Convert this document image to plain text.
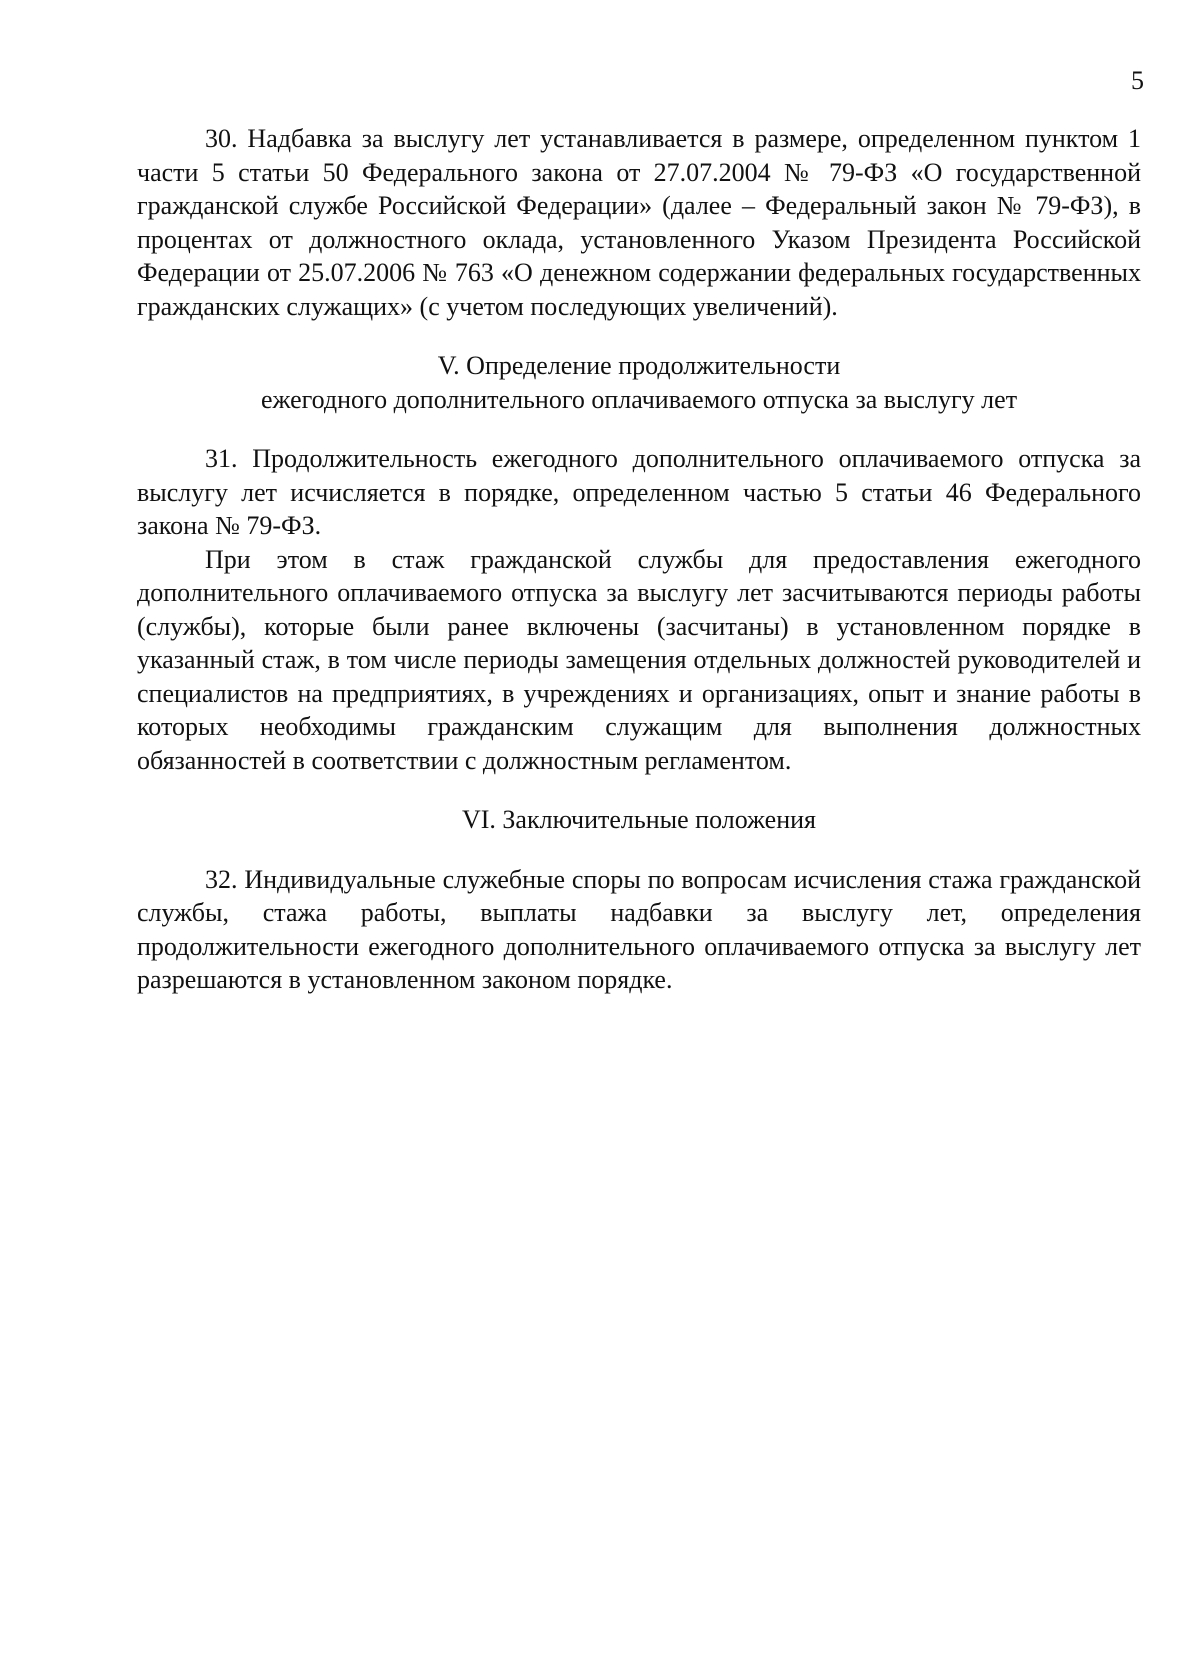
5

30. Надбавка за выслугу лет устанавливается в размере, определенном пунктом 1 части 5 статьи 50 Федерального закона от 27.07.2004 № 79-ФЗ «О государственной гражданской службе Российской Федерации» (далее – Федеральный закон № 79-ФЗ), в процентах от должностного оклада, установленного Указом Президента Российской Федерации от 25.07.2006 № 763 «О денежном содержании федеральных государственных гражданских служащих» (с учетом последующих увеличений).

V. Определение продолжительности

ежегодного дополнительного оплачиваемого отпуска за выслугу лет

31. Продолжительность ежегодного дополнительного оплачиваемого отпуска за выслугу лет исчисляется в порядке, определенном частью 5 статьи 46 Федерального закона № 79-ФЗ.

При этом в стаж гражданской службы для предоставления ежегодного дополнительного оплачиваемого отпуска за выслугу лет засчитываются периоды работы (службы), которые были ранее включены (засчитаны) в установленном порядке в указанный стаж, в том числе периоды замещения отдельных должностей руководителей и специалистов на предприятиях, в учреждениях и организациях, опыт и знание работы в которых необходимы гражданским служащим для выполнения должностных обязанностей в соответствии с должностным регламентом.

VI. Заключительные положения

32. Индивидуальные служебные споры по вопросам исчисления стажа гражданской службы, стажа работы, выплаты надбавки за выслугу лет, определения продолжительности ежегодного дополнительного оплачиваемого отпуска за выслугу лет разрешаются в установленном законом порядке.
